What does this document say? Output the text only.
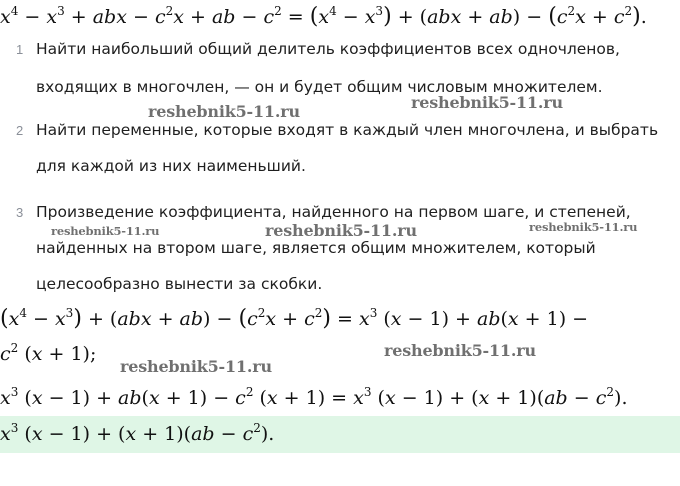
$x^4 - x^3$ + abx − $c^2x$ + ab − $c^2 = (x^4 - x^3) + (abx + ab) - (c^2x + c^2)$.
1 Найти наибольший общий делитель коэффициентов всех одночленов,
входящих в многочлен, — он и будет общим числовым множителем.
2 Найти переменные, которые входят в каждый член многочлена, и выбрать
для каждой из них наименьший.
3 Произведение коэффициента, найденного на первом шаге, и степеней,
найденных на втором шаге, является общим множителем, который
целесообразно вынести за скобки.
$(x^4 - x^3) + (abx + ab) - (c^2x + c^2) = x^3$ (x − 1) + ab(x + 1) −
$c^2$ (x + 1);
$x^3$ $(x - 1) + ab(x + 1) - c^2$ $(x + 1) = x^3$ $(x - 1) + (x + 1)(ab - c^2)$.
$x^3$ $(x - 1) + (x + 1)(ab - c^2)$.
reshebnik5-11.ru	reshebnik5-11.ru
reshebnik5-11.ru	reshebnik5-11.ru	reshebnik5-11.ru
reshebnik5-11.ru
reshebnik5-11.ru
